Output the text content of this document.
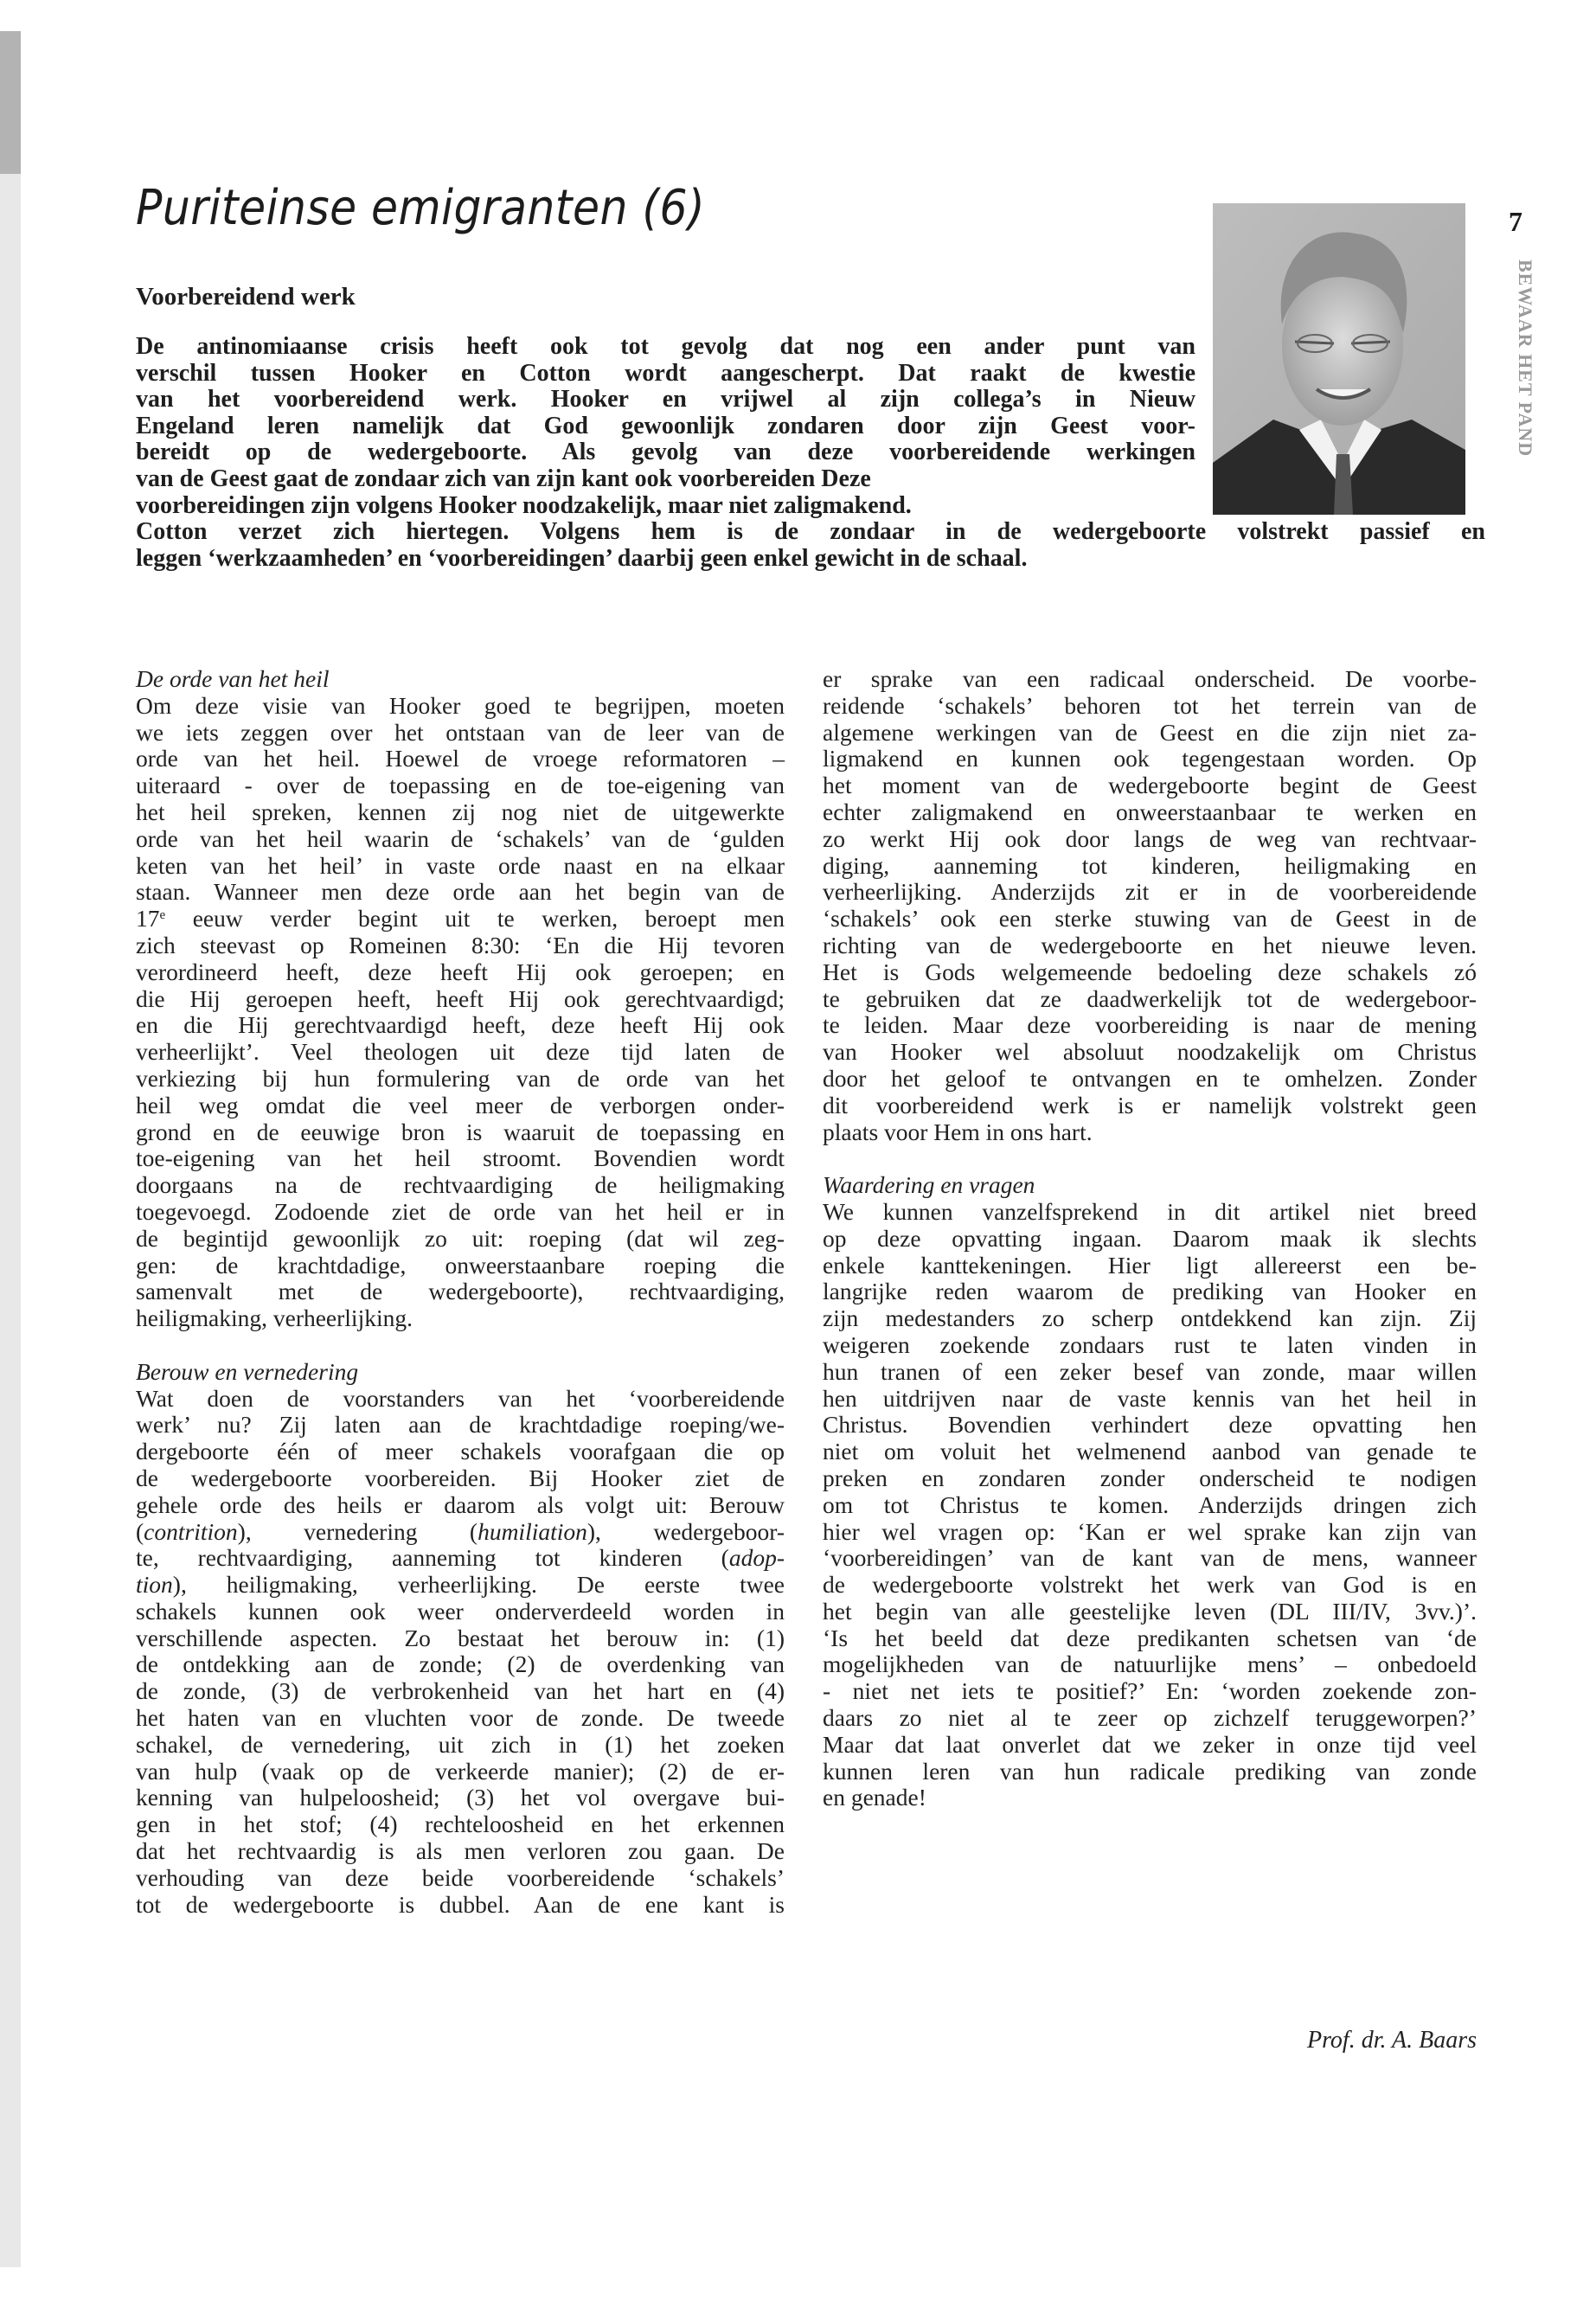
Puriteinse emigranten (6)
Voorbereidend werk
De antinomiaanse crisis heeft ook tot gevolg dat nog een ander punt van
verschil tussen Hooker en Cotton wordt aangescherpt. Dat raakt de kwestie
van het voorbereidend werk. Hooker en vrijwel al zijn collega’s in Nieuw
Engeland leren namelijk dat God gewoonlijk zondaren door zijn Geest voor-
bereidt op de wedergeboorte. Als gevolg van deze voorbereidende werkingen
van de Geest gaat de zondaar zich van zijn kant ook voorbereiden Deze
voorbereidingen zijn volgens Hooker noodzakelijk, maar niet zaligmakend.
Cotton verzet zich hiertegen. Volgens hem is de zondaar in de wedergeboorte volstrekt passief en
leggen ‘werkzaamheden’ en ‘voorbereidingen’ daarbij geen enkel gewicht in de schaal.
7
BEWAAR HET PAND
De orde van het heil
Om deze visie van Hooker goed te begrijpen, moeten
we iets zeggen over het ontstaan van de leer van de
orde van het heil. Hoewel de vroege reformatoren –
uiteraard - over de toepassing en de toe-eigening van
het heil spreken, kennen zij nog niet de uitgewerkte
orde van het heil waarin de ‘schakels’ van de ‘gulden
keten van het heil’ in vaste orde naast en na elkaar
staan. Wanneer men deze orde aan het begin van de
17e eeuw verder begint uit te werken, beroept men
zich steevast op Romeinen 8:30: ‘En die Hij tevoren
verordineerd heeft, deze heeft Hij ook geroepen; en
die Hij geroepen heeft, heeft Hij ook gerechtvaardigd;
en die Hij gerechtvaardigd heeft, deze heeft Hij ook
verheerlijkt’. Veel theologen uit deze tijd laten de
verkiezing bij hun formulering van de orde van het
heil weg omdat die veel meer de verborgen onder-
grond en de eeuwige bron is waaruit de toepassing en
toe-eigening van het heil stroomt. Bovendien wordt
doorgaans na de rechtvaardiging de heiligmaking
toegevoegd. Zodoende ziet de orde van het heil er in
de begintijd gewoonlijk zo uit: roeping (dat wil zeg-
gen: de krachtdadige, onweerstaanbare roeping die
samenvalt met de wedergeboorte), rechtvaardiging,
heiligmaking, verheerlijking.
Berouw en vernedering
Wat doen de voorstanders van het ‘voorbereidende
werk’ nu? Zij laten aan de krachtdadige roeping/we-
dergeboorte één of meer schakels voorafgaan die op
de wedergeboorte voorbereiden. Bij Hooker ziet de
gehele orde des heils er daarom als volgt uit: Berouw
(contrition), vernedering (humiliation), wedergeboor-
te, rechtvaardiging, aanneming tot kinderen (adop-
tion), heiligmaking, verheerlijking. De eerste twee
schakels kunnen ook weer onderverdeeld worden in
verschillende aspecten. Zo bestaat het berouw in: (1)
de ontdekking aan de zonde; (2) de overdenking van
de zonde, (3) de verbrokenheid van het hart en (4)
het haten van en vluchten voor de zonde. De tweede
schakel, de vernedering, uit zich in (1) het zoeken
van hulp (vaak op de verkeerde manier); (2) de er-
kenning van hulpeloosheid; (3) het vol overgave bui-
gen in het stof; (4) rechteloosheid en het erkennen
dat het rechtvaardig is als men verloren zou gaan. De
verhouding van deze beide voorbereidende ‘schakels’
tot de wedergeboorte is dubbel. Aan de ene kant is
er sprake van een radicaal onderscheid. De voorbe-
reidende ‘schakels’ behoren tot het terrein van de
algemene werkingen van de Geest en die zijn niet za-
ligmakend en kunnen ook tegengestaan worden. Op
het moment van de wedergeboorte begint de Geest
echter zaligmakend en onweerstaanbaar te werken en
zo werkt Hij ook door langs de weg van rechtvaar-
diging, aanneming tot kinderen, heiligmaking en
verheerlijking. Anderzijds zit er in de voorbereidende
‘schakels’ ook een sterke stuwing van de Geest in de
richting van de wedergeboorte en het nieuwe leven.
Het is Gods welgemeende bedoeling deze schakels zó
te gebruiken dat ze daadwerkelijk tot de wedergeboor-
te leiden. Maar deze voorbereiding is naar de mening
van Hooker wel absoluut noodzakelijk om Christus
door het geloof te ontvangen en te omhelzen. Zonder
dit voorbereidend werk is er namelijk volstrekt geen
plaats voor Hem in ons hart.
Waardering en vragen
We kunnen vanzelfsprekend in dit artikel niet breed
op deze opvatting ingaan. Daarom maak ik slechts
enkele kanttekeningen. Hier ligt allereerst een be-
langrijke reden waarom de prediking van Hooker en
zijn medestanders zo scherp ontdekkend kan zijn. Zij
weigeren zoekende zondaars rust te laten vinden in
hun tranen of een zeker besef van zonde, maar willen
hen uitdrijven naar de vaste kennis van het heil in
Christus. Bovendien verhindert deze opvatting hen
niet om voluit het welmenend aanbod van genade te
preken en zondaren zonder onderscheid te nodigen
om tot Christus te komen. Anderzijds dringen zich
hier wel vragen op: ‘Kan er wel sprake kan zijn van
‘voorbereidingen’ van de kant van de mens, wanneer
de wedergeboorte volstrekt het werk van God is en
het begin van alle geestelijke leven (DL III/IV, 3vv.)’.
‘Is het beeld dat deze predikanten schetsen van ‘de
mogelijkheden van de natuurlijke mens’ – onbedoeld
- niet net iets te positief?’ En: ‘worden zoekende zon-
daars zo niet al te zeer op zichzelf teruggeworpen?’
Maar dat laat onverlet dat we zeker in onze tijd veel
kunnen leren van hun radicale prediking van zonde
en genade!
Prof. dr. A. Baars
